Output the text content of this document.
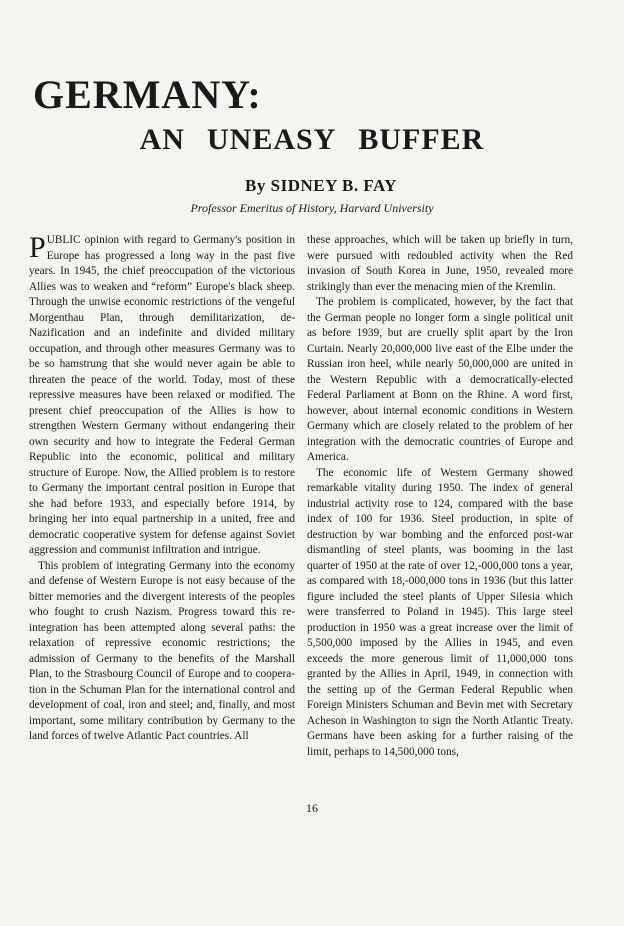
GERMANY:
AN UNEASY BUFFER
By SIDNEY B. FAY
Professor Emeritus of History, Harvard University

PUBLIC opinion with regard to Germany's position in Europe has progressed a long way in the past five years. In 1945, the chief preoccupation of the victorious Allies was to weaken and “reform” Europe's black sheep. Through the unwise economic restrictions of the vengeful Morgenthau Plan, through demilitarization, de-Nazification and an indefinite and divided military occupation, and through other measures Germany was to be so hamstrung that she would never again be able to threaten the peace of the world. Today, most of these repressive measures have been relaxed or modified. The present chief preoccupation of the Allies is how to strengthen Western Germany without endangering their own security and how to integrate the Federal German Republic into the economic, political and military structure of Europe. Now, the Allied problem is to restore to Germany the important central position in Europe that she had before 1933, and especially before 1914, by bringing her into equal partnership in a united, free and democratic cooperative system for defense against Soviet aggression and communist infiltration and intrigue.

This problem of integrating Germany into the economy and defense of Western Europe is not easy because of the bitter memories and the divergent interests of the peoples who fought to crush Nazism. Progress toward this re-integration has been attempted along several paths: the relaxation of repressive economic restrictions; the admission of Germany to the benefits of the Marshall Plan, to the Strasbourg Council of Europe and to cooperation in the Schuman Plan for the international control and development of coal, iron and steel; and, finally, and most important, some military contribution by Germany to the land forces of twelve Atlantic Pact countries. All

these approaches, which will be taken up briefly in turn, were pursued with redoubled activity when the Red invasion of South Korea in June, 1950, revealed more strikingly than ever the menacing mien of the Kremlin.

The problem is complicated, however, by the fact that the German people no longer form a single political unit as before 1939, but are cruelly split apart by the Iron Curtain. Nearly 20,000,000 live east of the Elbe under the Russian iron heel, while nearly 50,000,000 are united in the Western Republic with a democratically-elected Federal Parliament at Bonn on the Rhine. A word first, however, about internal economic conditions in Western Germany which are closely related to the problem of her integration with the democratic countries of Europe and America.

The economic life of Western Germany showed remarkable vitality during 1950. The index of general industrial activity rose to 124, compared with the base index of 100 for 1936. Steel production, in spite of destruction by war bombing and the enforced post-war dismantling of steel plants, was booming in the last quarter of 1950 at the rate of over 12,-000,000 tons a year, as compared with 18,-000,000 tons in 1936 (but this latter figure included the steel plants of Upper Silesia which were transferred to Poland in 1945). This large steel production in 1950 was a great increase over the limit of 5,500,000 imposed by the Allies in 1945, and even exceeds the more generous limit of 11,000,000 tons granted by the Allies in April, 1949, in connection with the setting up of the German Federal Republic when Foreign Ministers Schuman and Bevin met with Secretary Acheson in Washington to sign the North Atlantic Treaty. Germans have been asking for a further raising of the limit, perhaps to 14,500,000 tons,

16
